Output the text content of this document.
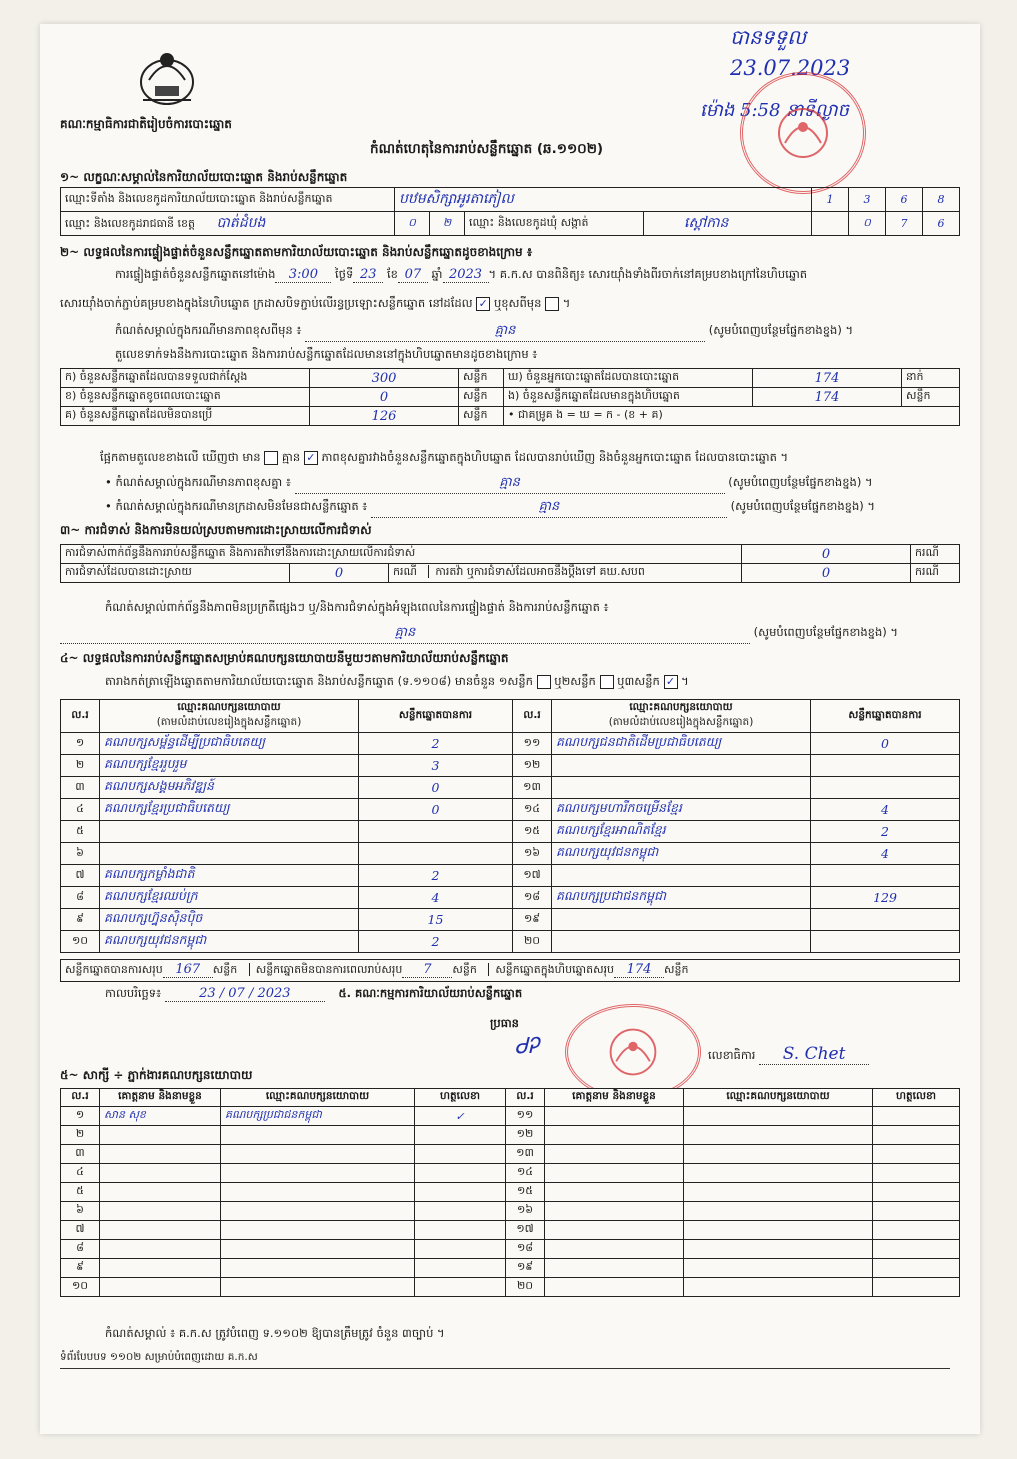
គណៈកម្មាធិការជាតិរៀបចំការបោះឆ្នោត
កំណត់ហេតុនៃការរាប់សន្លឹកឆ្នោត (ឆ.១១០២)
បានទទួល
23.07.2023
ម៉ោង 5:58 នាទីល្ងាច
១~ លក្ខណៈសម្គាល់នៃការិយាល័យបោះឆ្នោត និងរាប់សន្លឹកឆ្នោត
ឈ្មោះទីតាំង និងលេខកូដការិយាល័យបោះឆ្នោត និងរាប់សន្លឹកឆ្នោត	បឋមសិក្សាអូរតាភៀល				1	3	6	8
ឈ្មោះ និងលេខកូដរាជធានី ខេត្ត បាត់ដំបង	០	២	ឈ្មោះ និងលេខកូដឃុំ សង្កាត់	ស្ដៅកាន		០	7	6
២~ លទ្ធផលនៃការផ្ទៀងផ្ទាត់ចំនួនសន្លឹកឆ្នោតតាមការិយាល័យបោះឆ្នោត និងរាប់សន្លឹកឆ្នោតដូចខាងក្រោម ៖
ការផ្ទៀងផ្ទាត់ចំនួនសន្លឹកឆ្នោតនៅម៉ោង 3:00 ថ្ងៃទី 23 ខែ 07 ឆ្នាំ 2023 ។ គ.ក.ស បានពិនិត្យ៖ សោរយ៉ាំងទាំងពីរចាក់នៅគម្របខាងក្រៅនៃហិបឆ្នោត
សោរយ៉ាំងចាក់ភ្ជាប់គម្របខាងក្នុងនៃហិបឆ្នោត ក្រដាសបិទភ្ជាប់លើរន្ធប្រឡោះសន្លឹកឆ្នោត នៅដដែល ✓ ឬខុសពីមុន  ។
កំណត់សម្គាល់ក្នុងករណីមានភាពខុសពីមុន ៖	គ្មាន	(សូមបំពេញបន្ថែមផ្នែកខាងខ្នង) ។
តួលេខទាក់ទងនឹងការបោះឆ្នោត និងការរាប់សន្លឹកឆ្នោតដែលមាននៅក្នុងហិបឆ្នោតមានដូចខាងក្រោម ៖
ក) ចំនួនសន្លឹកឆ្នោតដែលបានទទួលជាក់ស្តែង	300	សន្លឹក	ឃ) ចំនួនអ្នកបោះឆ្នោតដែលបានបោះឆ្នោត	174	នាក់
ខ) ចំនួនសន្លឹកឆ្នោតខូចពេលបោះឆ្នោត	0	សន្លឹក	ង) ចំនួនសន្លឹកឆ្នោតដែលមានក្នុងហិបឆ្នោត	174	សន្លឹក
គ) ចំនួនសន្លឹកឆ្នោតដែលមិនបានប្រើ	126	សន្លឹក	• ជាគម្រូគ ង = ឃ = ក - (ខ + គ)		
ផ្អែកតាមតួលេខខាងលើ ឃើញថា មាន គ្មាន ✓ ភាពខុសគ្នារវាងចំនួនសន្លឹកឆ្នោតក្នុងហិបឆ្នោត ដែលបានរាប់ឃើញ និងចំនួនអ្នកបោះឆ្នោត ដែលបានបោះឆ្នោត ។
• កំណត់សម្គាល់ក្នុងករណីមានភាពខុសគ្នា ៖	គ្មាន	(សូមបំពេញបន្ថែមផ្នែកខាងខ្នង) ។
• កំណត់សម្គាល់ក្នុងករណីមានក្រដាសមិនមែនជាសន្លឹកឆ្នោត ៖	គ្មាន	(សូមបំពេញបន្ថែមផ្នែកខាងខ្នង) ។
៣~ ការជំទាស់ និងការមិនយល់ស្របតាមការដោះស្រាយលើការជំទាស់
ការជំទាស់ពាក់ព័ន្ធនឹងការរាប់សន្លឹកឆ្នោត និងការតវ៉ាទៅនឹងការដោះស្រាយលើការជំទាស់			0	ករណី
ការជំទាស់ដែលបានដោះស្រាយ	0	ករណី ការតវ៉ា ឬការជំទាស់ដែលអាចនឹងប្តឹងទៅ គឃ.សបព	0	ករណី
កំណត់សម្គាល់ពាក់ព័ន្ធនឹងភាពមិនប្រក្រតីផ្សេងៗ ឬ/និងការជំទាស់ក្នុងអំឡុងពេលនៃការផ្ទៀងផ្ទាត់ និងការរាប់សន្លឹកឆ្នោត ៖
គ្មាន	(សូមបំពេញបន្ថែមផ្នែកខាងខ្នង) ។
៤~ លទ្ធផលនៃការរាប់សន្លឹកឆ្នោតសម្រាប់គណបក្សនយោបាយនីមួយៗតាមការិយាល័យរាប់សន្លឹកឆ្នោត
តារាងកត់ត្រាឡើងឆ្នោតតាមការិយាល័យបោះឆ្នោត និងរាប់សន្លឹកឆ្នោត (ទ.១១០៨) មានចំនួន ១សន្លឹក ឬ២សន្លឹក ឬ៣សន្លឹក ✓ ។
ល.រ	ឈ្មោះគណបក្សនយោបាយ
(តាមលំដាប់លេខរៀងក្នុងសន្លឹកឆ្នោត)	សន្លឹកឆ្នោតបានការ	ល.រ	ឈ្មោះគណបក្សនយោបាយ
(តាមលំដាប់លេខរៀងក្នុងសន្លឹកឆ្នោត)	សន្លឹកឆ្នោតបានការ
១	គណបក្សសម្ព័ន្ធដើម្បីប្រជាធិបតេយ្យ	2	១១	គណបក្សជនជាតិដើមប្រជាធិបតេយ្យ	0
២	គណបក្សខ្មែររួបរួម	3	១២		
៣	គណបក្សសង្គមអភិវឌ្ឍន៍	0	១៣		
៤	គណបក្សខ្មែរប្រជាធិបតេយ្យ	0	១៤	គណបក្សមហារីកចម្រើនខ្មែរ	4
៥			១៥	គណបក្សខ្មែរអាណិតខ្មែរ	2
៦			១៦	គណបក្សយុវជនកម្ពុជា	4
៧	គណបក្សកម្លាំងជាតិ	2	១៧		
៨	គណបក្សខ្មែរឈប់ក្រ	4	១៨	គណបក្សប្រជាជនកម្ពុជា	129
៩	គណបក្សហ្វ៊ុនស៊ិនប៉ិច	15	១៩		
១០	គណបក្សយុវជនកម្ពុជា	2	២០		
សន្លឹកឆ្នោតបានការសរុប 167 សន្លឹក សន្លឹកឆ្នោតមិនបានការពេលរាប់សរុប 7 សន្លឹក សន្លឹកឆ្នោតក្នុងហិបឆ្នោតសរុប 174 សន្លឹក
កាលបរិច្ឆេទ៖	23 / 07 / 2023	៥. គណៈកម្មការការិយាល័យរាប់សន្លឹកឆ្នោត
ប្រធាន
ᏧᎮ	លេខាធិការ S. Chet
៥~ សាក្សី ÷ ភ្នាក់ងារគណបក្សនយោបាយ
ល.រ	គោត្តនាម និងនាមខ្លួន	ឈ្មោះគណបក្សនយោបាយ	ហត្ថលេខា	ល.រ	គោត្តនាម និងនាមខ្លួន	ឈ្មោះគណបក្សនយោបាយ	ហត្ថលេខា
១	សាន សុខ	គណបក្សប្រជាជនកម្ពុជា	✓	១១			
២				១២			
៣				១៣			
៤				១៤			
៥				១៥			
៦				១៦			
៧				១៧			
៨				១៨			
៩				១៩			
១០				២០			
កំណត់សម្គាល់ ៖ គ.ក.ស ត្រូវបំពេញ ទ.១១០២ ឱ្យបានត្រឹមត្រូវ ចំនួន ៣ច្បាប់ ។
ទំព័របែបបទ ១១០២ សម្រាប់បំពេញដោយ គ.ក.ស
